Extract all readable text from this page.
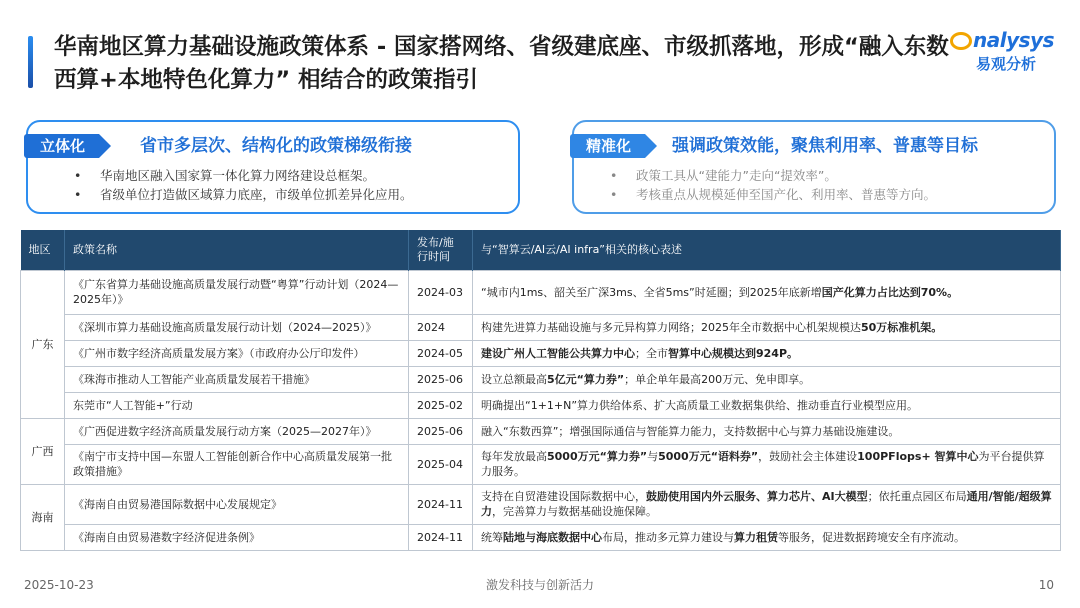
华南地区算力基础设施政策体系 - 国家搭网络、省级建底座、市级抓落地，形成“融入东数西算+本地特色化算力” 相结合的政策指引
nalysys
易观分析
立体化	省市多层次、结构化的政策梯级衔接
• 华南地区融入国家算一体化算力网络建设总框架。
• 省级单位打造做区域算力底座，市级单位抓差异化应用。
精准化	强调政策效能，聚焦利用率、普惠等目标
• 政策工具从“建能力”走向“提效率”。
• 考核重点从规模延伸至国产化、利用率、普惠等方向。
地区	政策名称	发布/施行时间	与“智算云/AI云/AI infra”相关的核心表述
广东	《广东省算力基础设施高质量发展行动暨“粤算”行动计划（2024—2025年）》	2024-03	“城市内1ms、韶关至广深3ms、全省5ms”时延圈；到2025年底新增国产化算力占比达到70%。
	《深圳市算力基础设施高质量发展行动计划（2024—2025）》	2024	构建先进算力基础设施与多元异构算力网络；2025年全市数据中心机架规模达50万标准机架。
	《广州市数字经济高质量发展方案》（市政府办公厅印发件）	2024-05	建设广州人工智能公共算力中心；全市智算中心规模达到924P。
	《珠海市推动人工智能产业高质量发展若干措施》	2025-06	设立总额最高5亿元“算力券”；单企单年最高200万元、免申即享。
	东莞市“人工智能+”行动	2025-02	明确提出“1+1+N”算力供给体系、扩大高质量工业数据集供给、推动垂直行业模型应用。
广西	《广西促进数字经济高质量发展行动方案（2025—2027年）》	2025-06	融入“东数西算”；增强国际通信与智能算力能力，支持数据中心与算力基础设施建设。
	《南宁市支持中国—东盟人工智能创新合作中心高质量发展第一批政策措施》	2025-04	每年发放最高5000万元“算力券”与5000万元“语料券”，鼓励社会主体建设100PFlops+ 智算中心为平台提供算力服务。
海南	《海南自由贸易港国际数据中心发展规定》	2024-11	支持在自贸港建设国际数据中心，鼓励使用国内外云服务、算力芯片、AI大模型；依托重点园区布局通用/智能/超级算力，完善算力与数据基础设施保障。
	《海南自由贸易港数字经济促进条例》	2024-11	统筹陆地与海底数据中心布局，推动多元算力建设与算力租赁等服务，促进数据跨境安全有序流动。
2025-10-23	激发科技与创新活力	10
